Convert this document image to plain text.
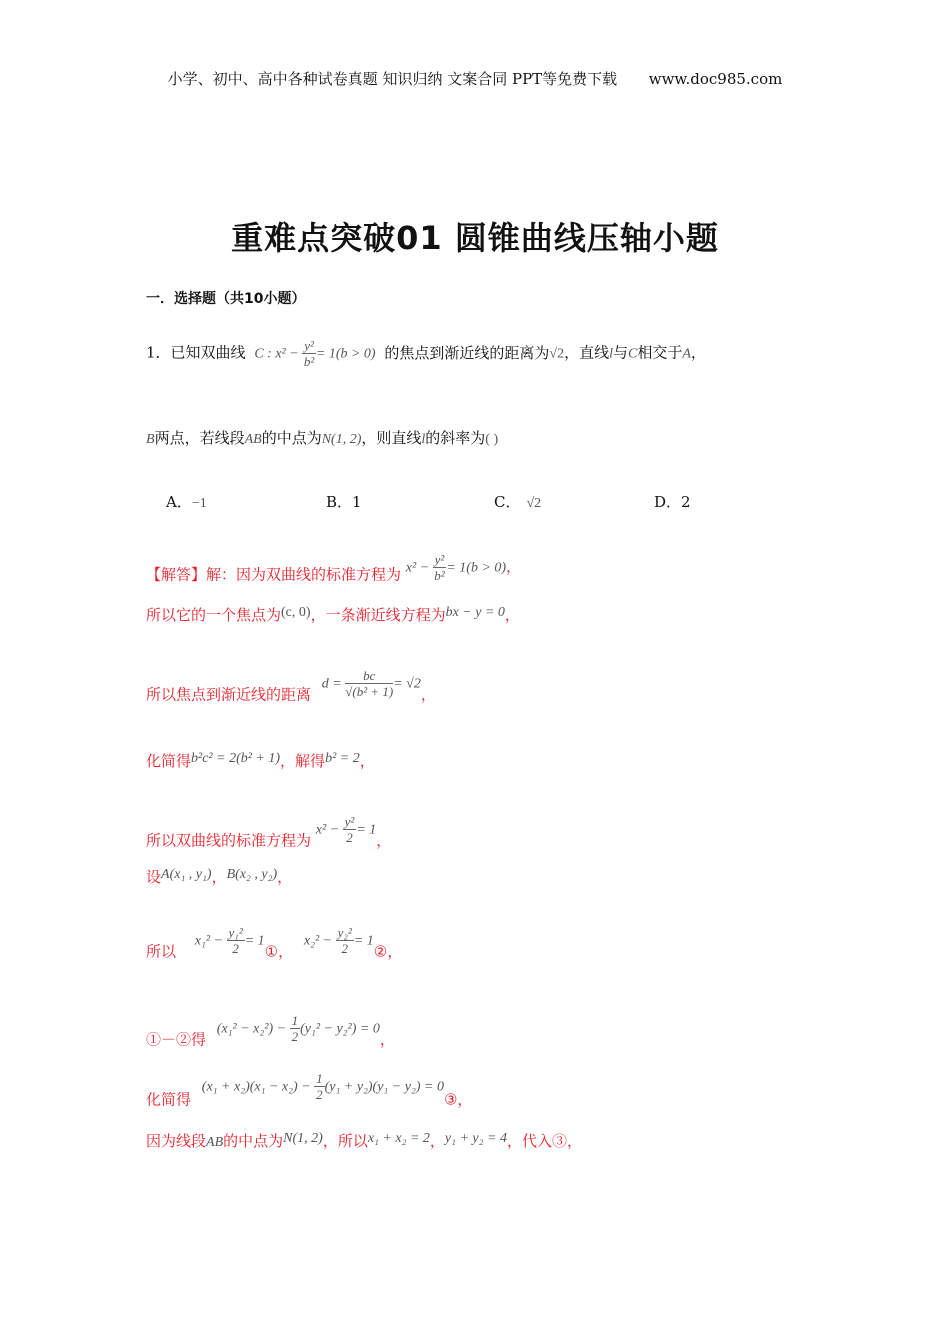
小学、初中、高中各种试卷真题 知识归纳 文案合同 PPT等免费下载 www.doc985.com
重难点突破01 圆锥曲线压轴小题
一．选择题（共10小题）
1．已知双曲线 C : $x^2 - \frac{\text{y²}}{\text{b²}} = 1(b > 0)$ 的焦点到渐近线的距离为√2，直线l与C相交于A，
B两点，若线段AB的中点为N(1, 2)，则直线l的斜率为( )
A．−1	B．1	C． √2	D．2
【解答】解：因为双曲线的标准方程为 $x^2 - \frac{\text{y²}}{\text{b²}} = 1(b > 0)$，
所以它的一个焦点为(c, 0)，一条渐近线方程为bx − y = 0，
所以焦点到渐近线的距离 $d = \frac{bc}{\text{√(b² + 1)}} = √2$，
化简得b²c² = 2(b² + 1)，解得b² = 2，
所以双曲线的标准方程为 $x^2 - \frac{\text{y²}}{2} = 1$，
设A(x₁ , y₁)，B(x₂ , y₂)，
所以 $x_1^2 - \frac{\text{y₁²}}{2}$ = 1①， $x_2^2 - \frac{\text{y₂²}}{2}$ = 1②，
①－②得 $(x_1^2 - x_2^2) - \frac{1}{2} (y_1^2 - y_2^2) = 0$，
化简得 $(x_1 + x_2)(x_1 - x_2) - \frac{1}{2} (y_1 + y_2)(y_1 - y_2)$ = 0③，
因为线段AB的中点为N(1, 2)，所以x₁ + x₂ = 2，y₁ + y₂ = 4，代入③，
